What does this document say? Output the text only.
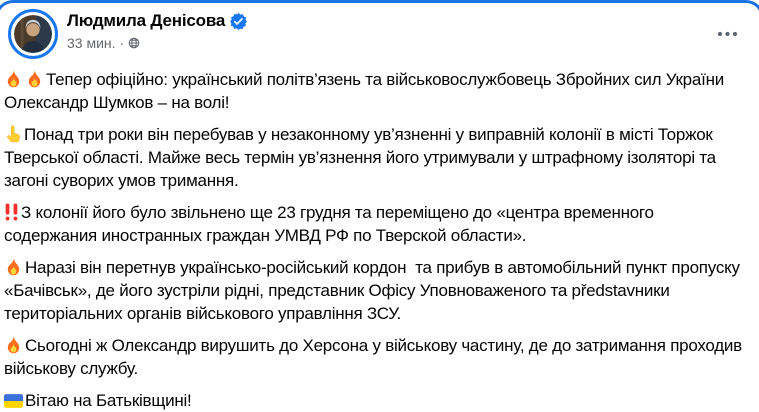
Людмила Денісова
33 мин. ·

Тепер офіційно: український політв’язень та військовослужбовець Збройних сил України Олександр Шумков – на волі!

Понад три роки він перебував у незаконному ув’язненні у виправній колонії в місті Торжок Тверської області. Майже весь термін ув’язнення його утримували у штрафному ізоляторі та загоні суворих умов тримання.

З колонії його було звільнено ще 23 грудня та переміщено до «центра временного содержания иностранных граждан УМВД РФ по Тверской области».

Наразі він перетнув українсько-російський кордон  та прибув в автомобільний пункт пропуску «Бачівськ», де його зустріли рідні, представник Офісу Уповноваженого та představники територіальних органів військового управління ЗСУ.

Сьогодні ж Олександр вирушить до Херсона у військову частину, де до затримання проходив військову службу.

Вітаю на Батьківщині!
